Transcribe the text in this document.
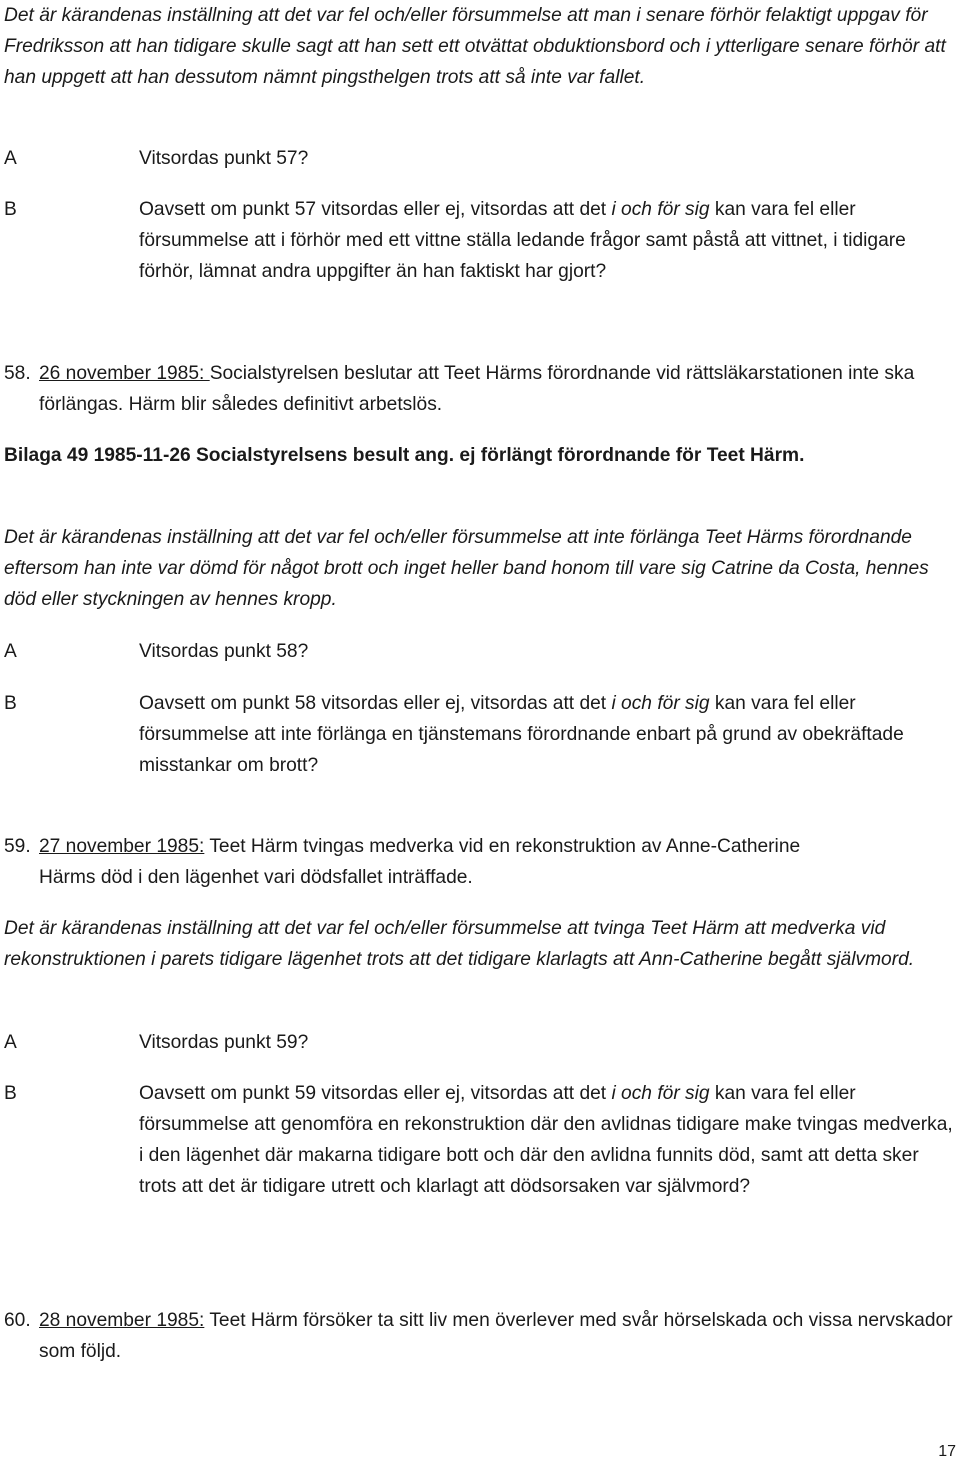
Det är kärandenas inställning att det var fel och/eller försummelse att man i senare förhör felaktigt uppgav för Fredriksson att han tidigare skulle sagt att han sett ett otvättat obduktionsbord och i ytterligare senare förhör att han uppgett att han dessutom nämnt pingsthelgen trots att så inte var fallet.
A	Vitsordas punkt 57?
B	Oavsett om punkt 57 vitsordas eller ej, vitsordas att det i och för sig kan vara fel eller försummelse att i förhör med ett vittne ställa ledande frågor samt påstå att vittnet, i tidigare förhör, lämnat andra uppgifter än han faktiskt har gjort?
58. 26 november 1985: Socialstyrelsen beslutar att Teet Härms förordnande vid rättsläkarstationen inte ska förlängas. Härm blir således definitivt arbetslös.
Bilaga 49 1985-11-26 Socialstyrelsens besult ang. ej förlängt förordnande för Teet Härm.
Det är kärandenas inställning att det var fel och/eller försummelse att inte förlänga Teet Härms förordnande eftersom han inte var dömd för något brott och inget heller band honom till vare sig Catrine da Costa, hennes död eller styckningen av hennes kropp.
A	Vitsordas punkt 58?
B	Oavsett om punkt 58 vitsordas eller ej, vitsordas att det i och för sig kan vara fel eller försummelse att inte förlänga en tjänstemans förordnande enbart på grund av obekräftade misstankar om brott?
59. 27 november 1985: Teet Härm tvingas medverka vid en rekonstruktion av Anne-Catherine Härms död i den lägenhet vari dödsfallet inträffade.
Det är kärandenas inställning att det var fel och/eller försummelse att tvinga Teet Härm att medverka vid rekonstruktionen i parets tidigare lägenhet trots att det tidigare klarlagts att Ann-Catherine begått självmord.
A	Vitsordas punkt 59?
B	Oavsett om punkt 59 vitsordas eller ej, vitsordas att det i och för sig kan vara fel eller försummelse att genomföra en rekonstruktion där den avlidnas tidigare make tvingas medverka, i den lägenhet där makarna tidigare bott och där den avlidna funnits död, samt att detta sker trots att det är tidigare utrett och klarlagt att dödsorsaken var självmord?
60. 28 november 1985: Teet Härm försöker ta sitt liv men överlever med svår hörselskada och vissa nervskador som följd.
17
